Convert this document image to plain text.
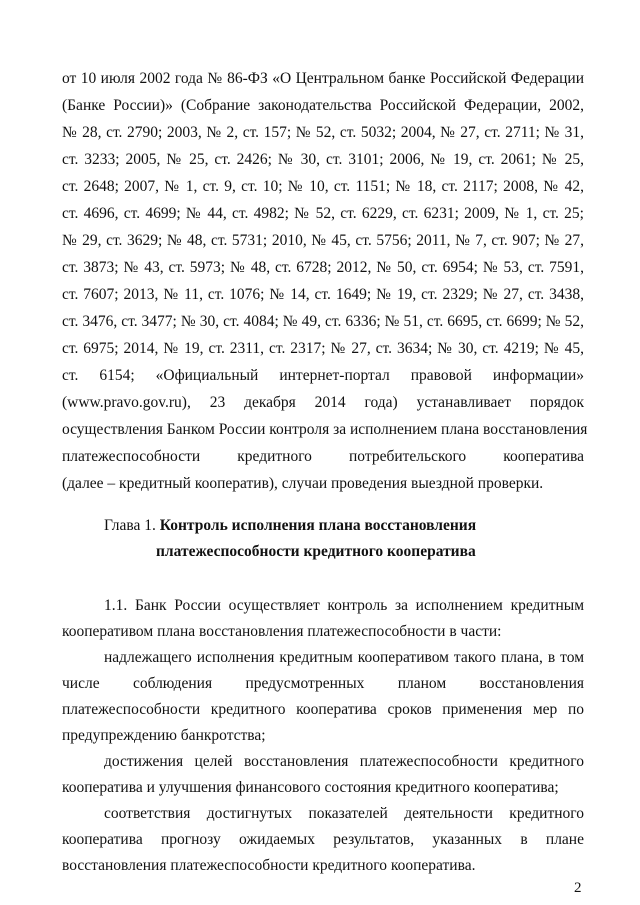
от 10 июля 2002 года № 86-ФЗ «О Центральном банке Российской Федерации
(Банке России)» (Собрание законодательства Российской Федерации, 2002,
№ 28, ст. 2790; 2003, № 2, ст. 157; № 52, ст. 5032; 2004, № 27, ст. 2711; № 31,
ст. 3233; 2005, № 25, ст. 2426; № 30, ст. 3101; 2006, № 19, ст. 2061; № 25,
ст. 2648; 2007, № 1, ст. 9, ст. 10; № 10, ст. 1151; № 18, ст. 2117; 2008, № 42,
ст. 4696, ст. 4699; № 44, ст. 4982; № 52, ст. 6229, ст. 6231; 2009, № 1, ст. 25;
№ 29, ст. 3629; № 48, ст. 5731; 2010, № 45, ст. 5756; 2011, № 7, ст. 907; № 27,
ст. 3873; № 43, ст. 5973; № 48, ст. 6728; 2012, № 50, ст. 6954; № 53, ст. 7591,
ст. 7607; 2013, № 11, ст. 1076; № 14, ст. 1649; № 19, ст. 2329; № 27, ст. 3438,
ст. 3476, ст. 3477; № 30, ст. 4084; № 49, ст. 6336; № 51, ст. 6695, ст. 6699; № 52,
ст. 6975; 2014, № 19, ст. 2311, ст. 2317; № 27, ст. 3634; № 30, ст. 4219; № 45,
ст. 6154; «Официальный интернет-портал правовой информации»
(www.pravo.gov.ru), 23 декабря 2014 года) устанавливает порядок
осуществления Банком России контроля за исполнением плана восстановления
платежеспособности кредитного потребительского кооператива
(далее – кредитный кооператив), случаи проведения выездной проверки.
Глава 1. Контроль исполнения плана восстановления
платежеспособности кредитного кооператива
1.1. Банк России осуществляет контроль за исполнением кредитным
кооперативом плана восстановления платежеспособности в части:
надлежащего исполнения кредитным кооперативом такого плана, в том
числе соблюдения предусмотренных планом восстановления
платежеспособности кредитного кооператива сроков применения мер по
предупреждению банкротства;
достижения целей восстановления платежеспособности кредитного
кооператива и улучшения финансового состояния кредитного кооператива;
соответствия достигнутых показателей деятельности кредитного
кооператива прогнозу ожидаемых результатов, указанных в плане
восстановления платежеспособности кредитного кооператива.
2
